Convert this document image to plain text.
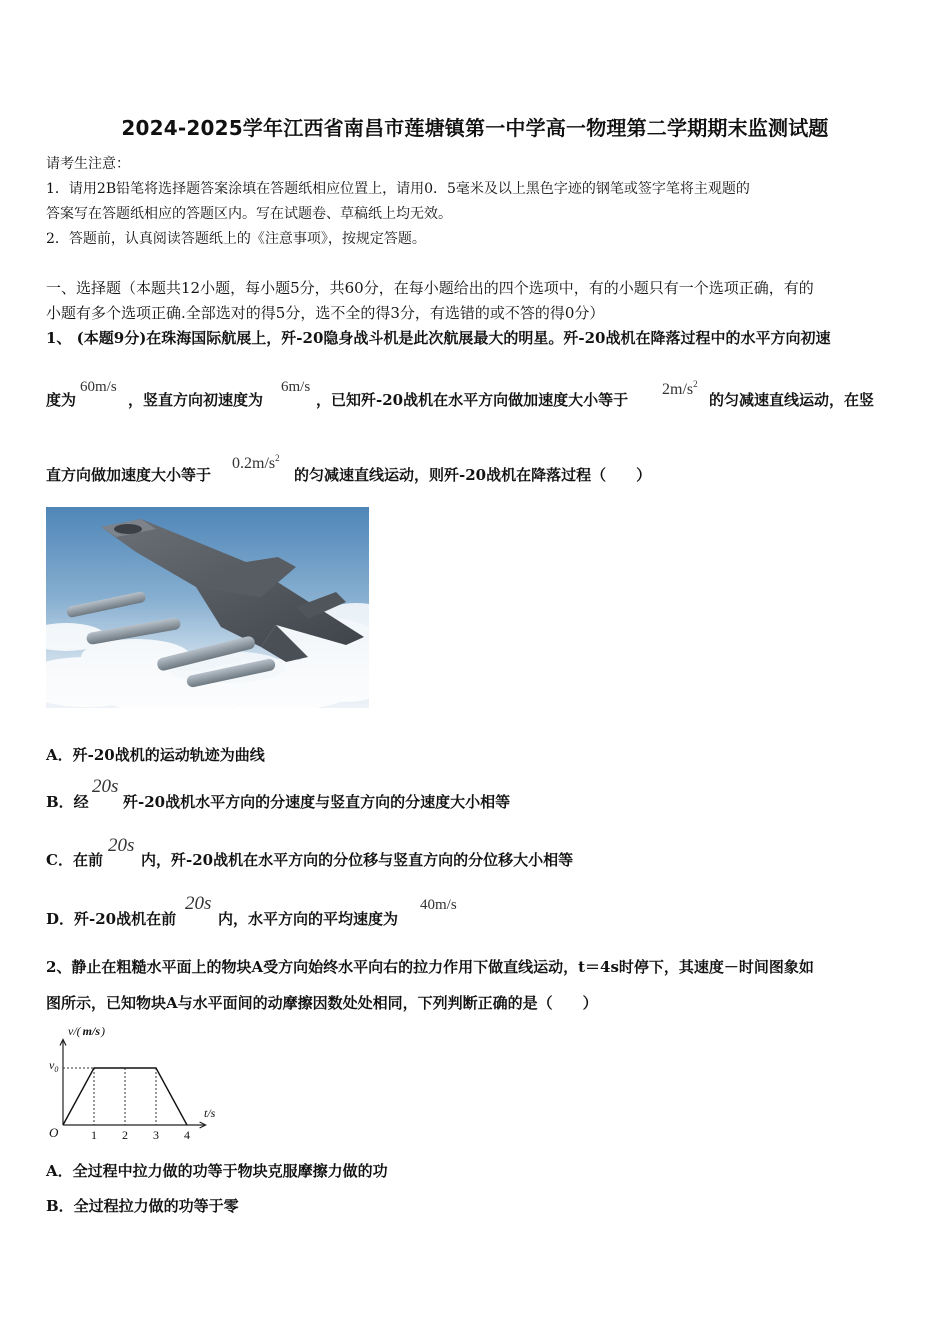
2024-2025学年江西省南昌市莲塘镇第一中学高一物理第二学期期末监测试题
请考生注意：
1．请用2B铅笔将选择题答案涂填在答题纸相应位置上，请用0．5毫米及以上黑色字迹的钢笔或签字笔将主观题的
答案写在答题纸相应的答题区内。写在试题卷、草稿纸上均无效。
2．答题前，认真阅读答题纸上的《注意事项》，按规定答题。
一、选择题（本题共12小题，每小题5分，共60分，在每小题给出的四个选项中，有的小题只有一个选项正确，有的
小题有多个选项正确.全部选对的得5分，选不全的得3分，有选错的或不答的得0分）
1、 (本题9分)在珠海国际航展上，歼-20隐身战斗机是此次航展最大的明星。歼-20战机在降落过程中的水平方向初速
度为
60m/s
，竖直方向初速度为
6m/s
，已知歼-20战机在水平方向做加速度大小等于
$2m/s^2$
的匀减速直线运动，在竖
直方向做加速度大小等于
$0.2m/s^2$
的匀减速直线运动，则歼-20战机在降落过程（　　）
A．歼-20战机的运动轨迹为曲线
B．经
20s
歼-20战机水平方向的分速度与竖直方向的分速度大小相等
C．在前
20s
内，歼-20战机在水平方向的分位移与竖直方向的分位移大小相等
D．歼-20战机在前
20s
内，水平方向的平均速度为
40m/s
2、静止在粗糙水平面上的物块A受方向始终水平向右的拉力作用下做直线运动，t＝4s时停下，其速度－时间图象如
图所示，已知物块A与水平面间的动摩擦因数处处相同，下列判断正确的是（　　）
v/( m/s)
t/s
O
$v_0$
1 2 3 4
A．全过程中拉力做的功等于物块克服摩擦力做的功
B．全过程拉力做的功等于零
